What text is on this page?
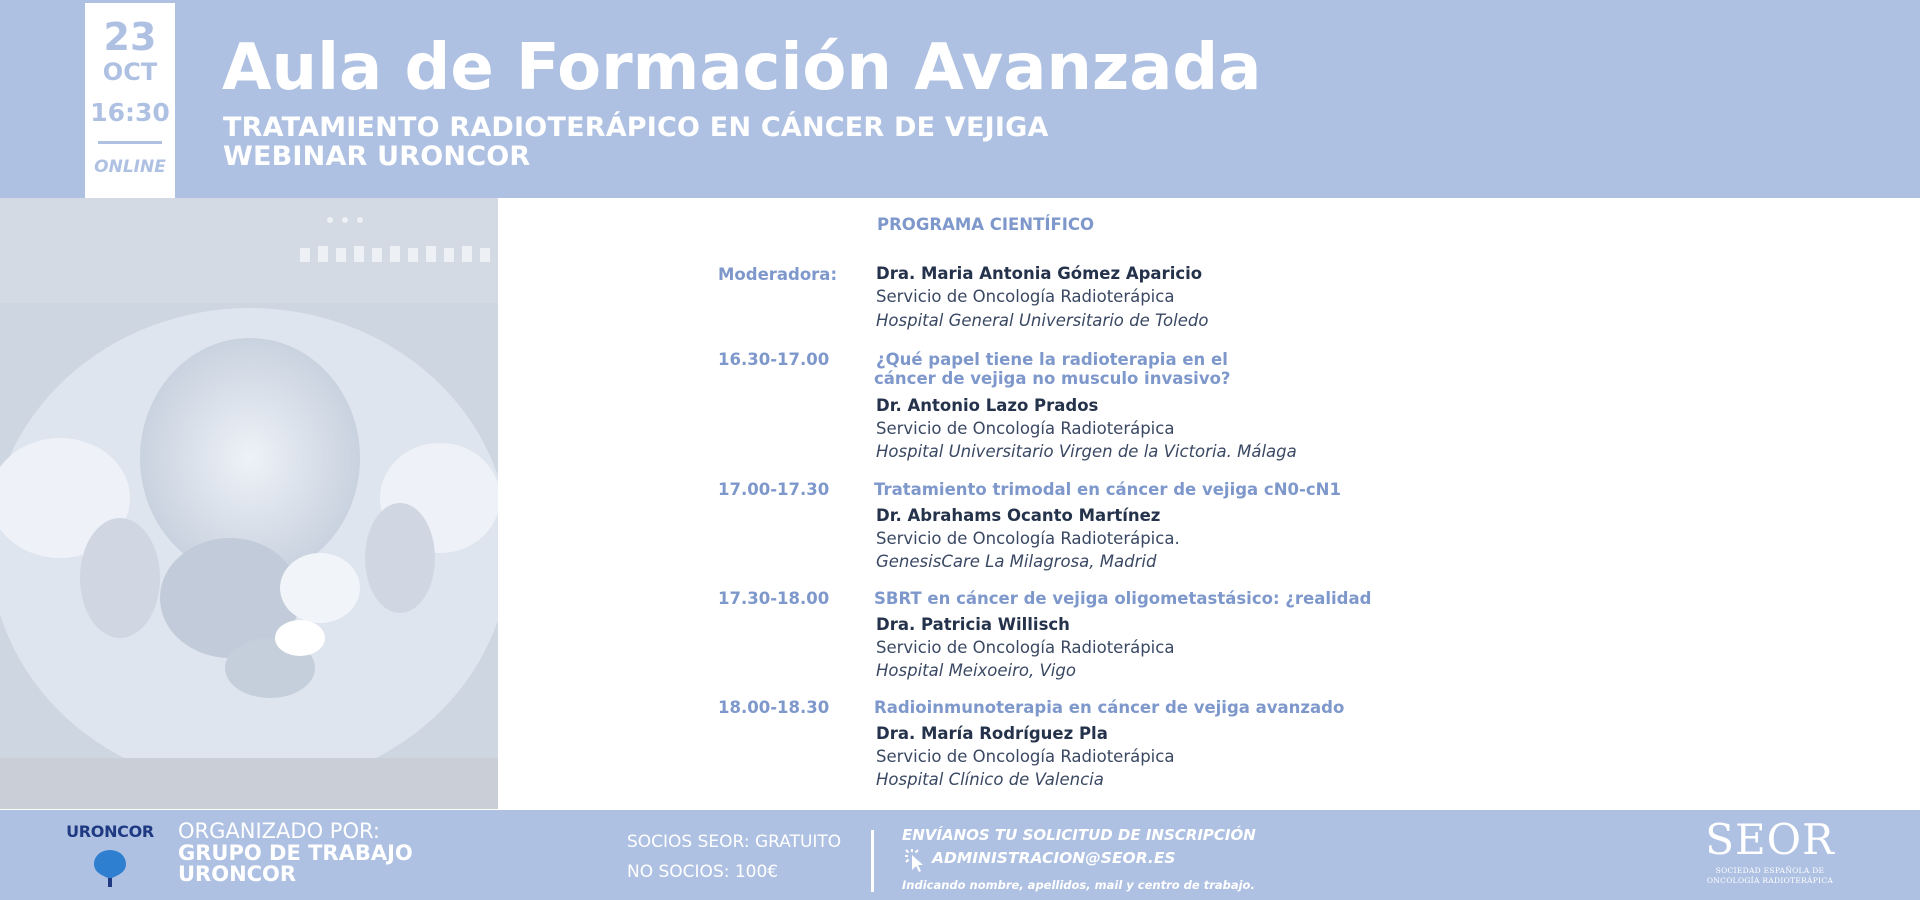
23
OCT
16:30
ONLINE
Aula de Formación Avanzada
TRATAMIENTO RADIOTERÁPICO EN CÁNCER DE VEJIGA
WEBINAR URONCOR
PROGRAMA CIENTÍFICO
Moderadora: Dra. Maria Antonia Gómez Aparicio
Servicio de Oncología Radioterápica
Hospital General Universitario de Toledo
16.30-17.00	¿Qué papel tiene la radioterapia en el
cáncer de vejiga no musculo invasivo?
Dr. Antonio Lazo Prados
Servicio de Oncología Radioterápica
Hospital Universitario Virgen de la Victoria. Málaga
17.00-17.30	Tratamiento trimodal en cáncer de vejiga cN0-cN1
Dr. Abrahams Ocanto Martínez
Servicio de Oncología Radioterápica.
GenesisCare La Milagrosa, Madrid
17.30-18.00	SBRT en cáncer de vejiga oligometastásico: ¿realidad
Dra. Patricia Willisch
Servicio de Oncología Radioterápica
Hospital Meixoeiro, Vigo
18.00-18.30	Radioinmunoterapia en cáncer de vejiga avanzado
Dra. María Rodríguez Pla
Servicio de Oncología Radioterápica
Hospital Clínico de Valencia
URONCOR ORGANIZADO POR:
GRUPO DE TRABAJO
URONCOR
SOCIOS SEOR: GRATUITO
NO SOCIOS: 100€
ENVÍANOS TU SOLICITUD DE INSCRIPCIÓN
ADMINISTRACION@SEOR.ES
Indicando nombre, apellidos, mail y centro de trabajo.
SEOR
SOCIEDAD ESPAÑOLA DE
ONCOLOGÍA RADIOTERÁPICA
